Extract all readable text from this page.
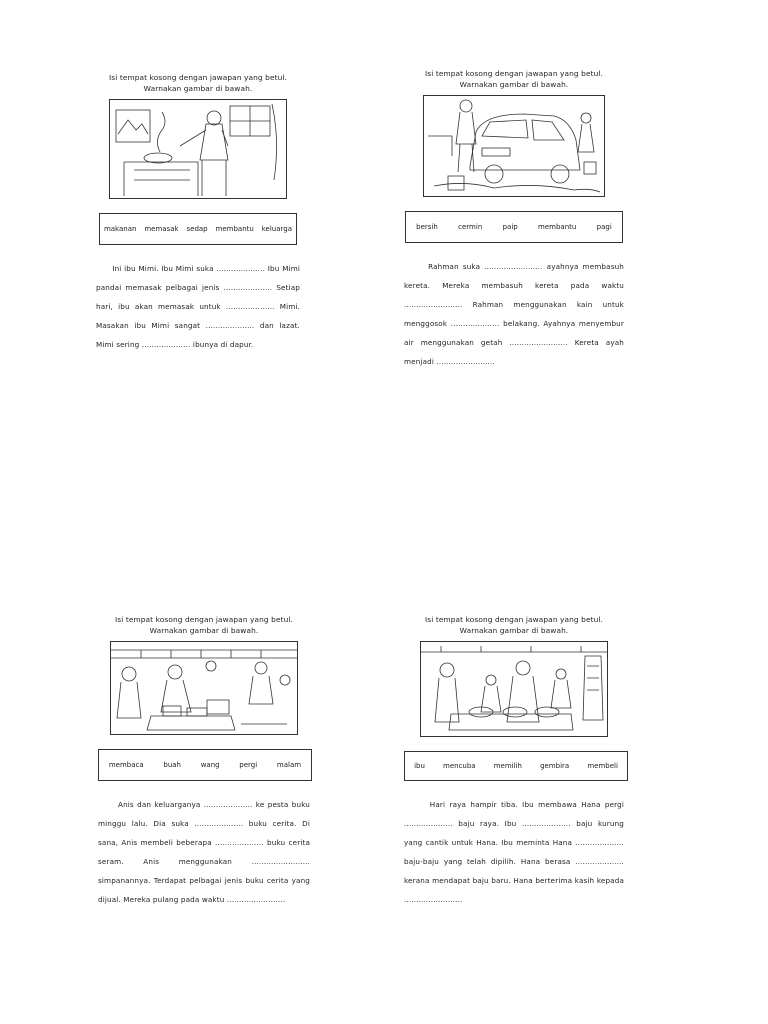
Isi tempat kosong dengan jawapan yang betul.
Warnakan gambar di bawah.
makanan memasak sedap membantu keluarga
Ini ibu Mimi. Ibu Mimi suka .................... Ibu Mimi pandai memasak pelbagai jenis .................... Setiap hari, ibu akan memasak untuk .................... Mimi. Masakan ibu Mimi sangat .................... dan lazat. Mimi sering .................... ibunya di dapur.
Isi tempat kosong dengan jawapan yang betul.
Warnakan gambar di bawah.
bersih	cermin	paip	membantu	pagi
Rahman suka ........................ ayahnya membasuh kereta. Mereka membasuh kereta pada waktu ........................ Rahman menggunakan kain untuk menggosok .................... belakang. Ayahnya menyembur air menggunakan getah ........................ Kereta ayah menjadi ........................
Isi tempat kosong dengan jawapan yang betul.
Warnakan gambar di bawah.
membaca	buah	wang	pergi	malam
Anis dan keluarganya .................... ke pesta buku minggu lalu. Dia suka .................... buku cerita. Di sana, Anis membeli beberapa .................... buku cerita seram. Anis menggunakan ........................ simpanannya. Terdapat pelbagai jenis buku cerita yang dijual. Mereka pulang pada waktu ........................
Isi tempat kosong dengan jawapan yang betul.
Warnakan gambar di bawah.
ibu	mencuba	memilih	gembira	membeli
Hari raya hampir tiba. Ibu membawa Hana pergi .................... baju raya. Ibu .................... baju kurung yang cantik untuk Hana. Ibu meminta Hana .................... baju-baju yang telah dipilih. Hana berasa .................... kerana mendapat baju baru. Hana berterima kasih kepada ........................
